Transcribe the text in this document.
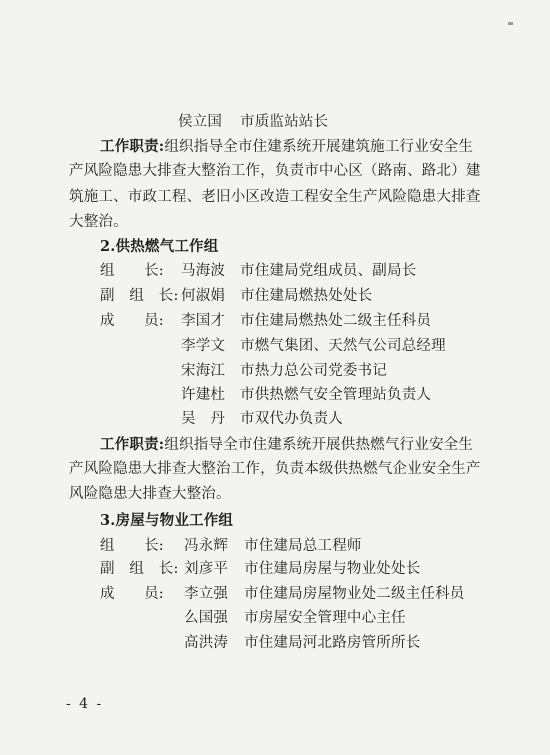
侯立国 市质监站站长
工作职责:组织指导全市住建系统开展建筑施工行业安全生
产风险隐患大排查大整治工作，负责市中心区（路南、路北）建
筑施工、市政工程、老旧小区改造工程安全生产风险隐患大排查
大整治。
2.供热燃气工作组
组　　长: 马海波 市住建局党组成员、副局长
副　组　长: 何淑娟 市住建局燃热处处长
成　　员: 李国才 市住建局燃热处二级主任科员
李学文 市燃气集团、天然气公司总经理
宋海江 市热力总公司党委书记
许建杜 市供热燃气安全管理站负责人
吴　丹 市双代办负责人
工作职责:组织指导全市住建系统开展供热燃气行业安全生
产风险隐患大排查大整治工作，负责本级供热燃气企业安全生产
风险隐患大排查大整治。
3.房屋与物业工作组
组　　长: 冯永辉 市住建局总工程师
副　组　长: 刘彦平 市住建局房屋与物业处处长
成　　员: 李立强 市住建局房屋物业处二级主任科员
么国强 市房屋安全管理中心主任
高洪涛 市住建局河北路房管所所长
- 4 -
